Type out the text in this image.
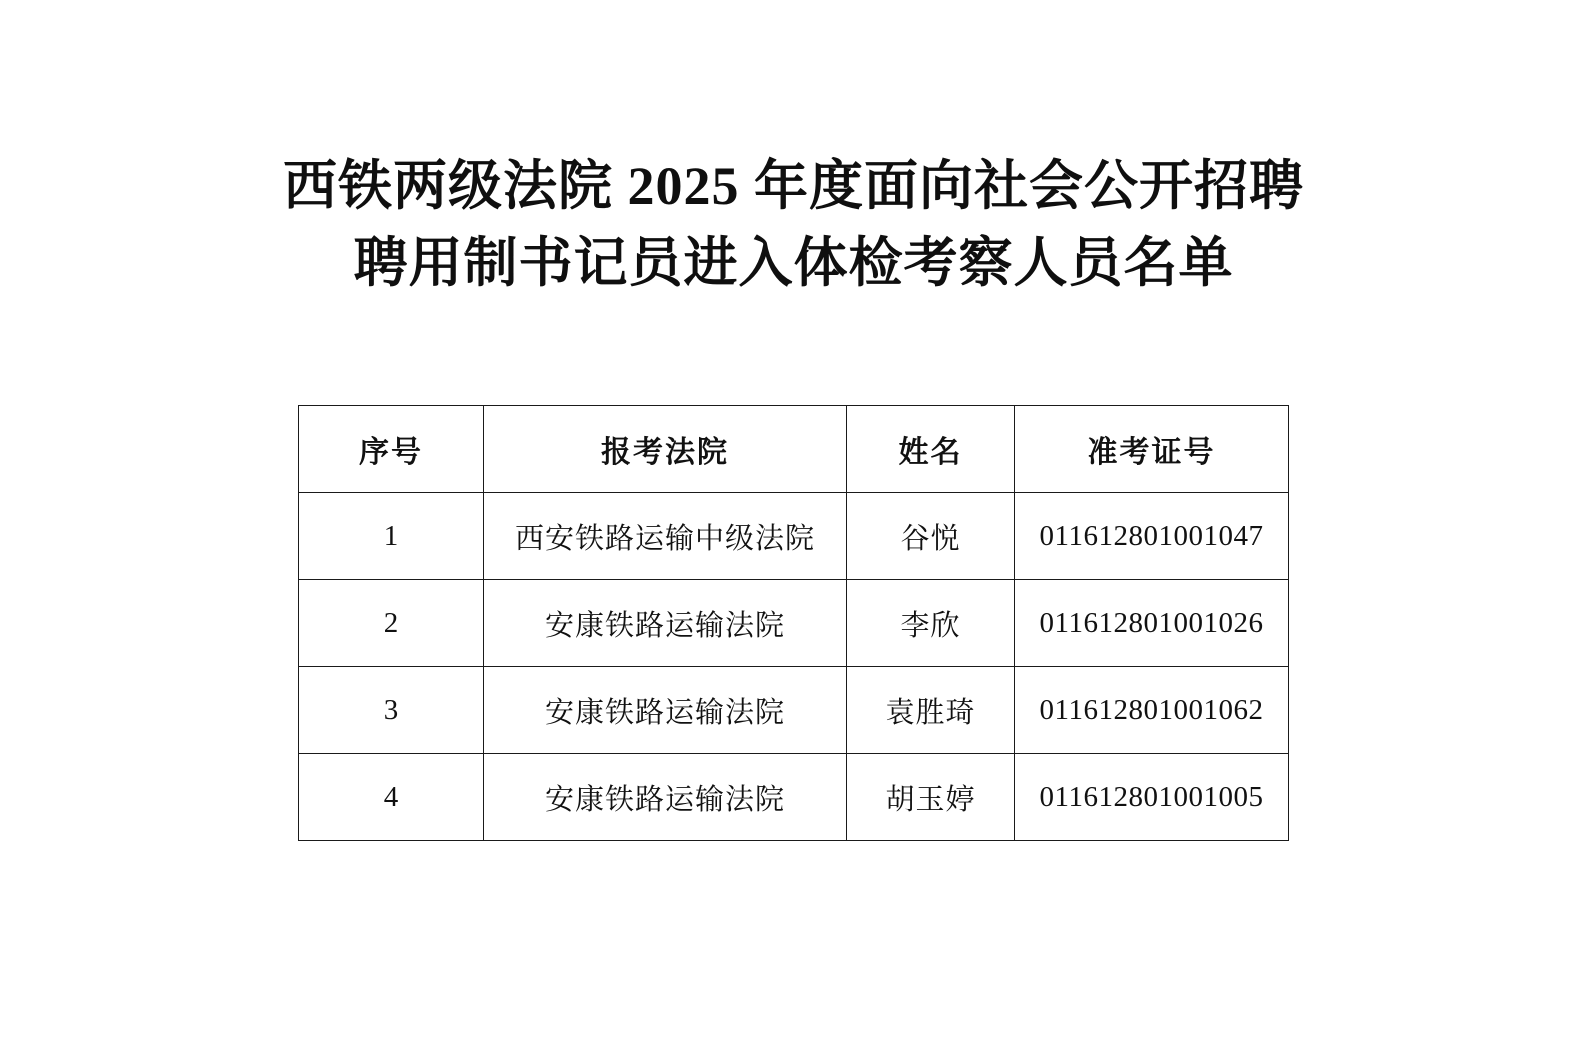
西铁两级法院 2025 年度面向社会公开招聘
聘用制书记员进入体检考察人员名单
序号	报考法院	姓名	准考证号
1	西安铁路运输中级法院	谷悦	011612801001047
2	安康铁路运输法院	李欣	011612801001026
3	安康铁路运输法院	袁胜琦	011612801001062
4	安康铁路运输法院	胡玉婷	011612801001005
